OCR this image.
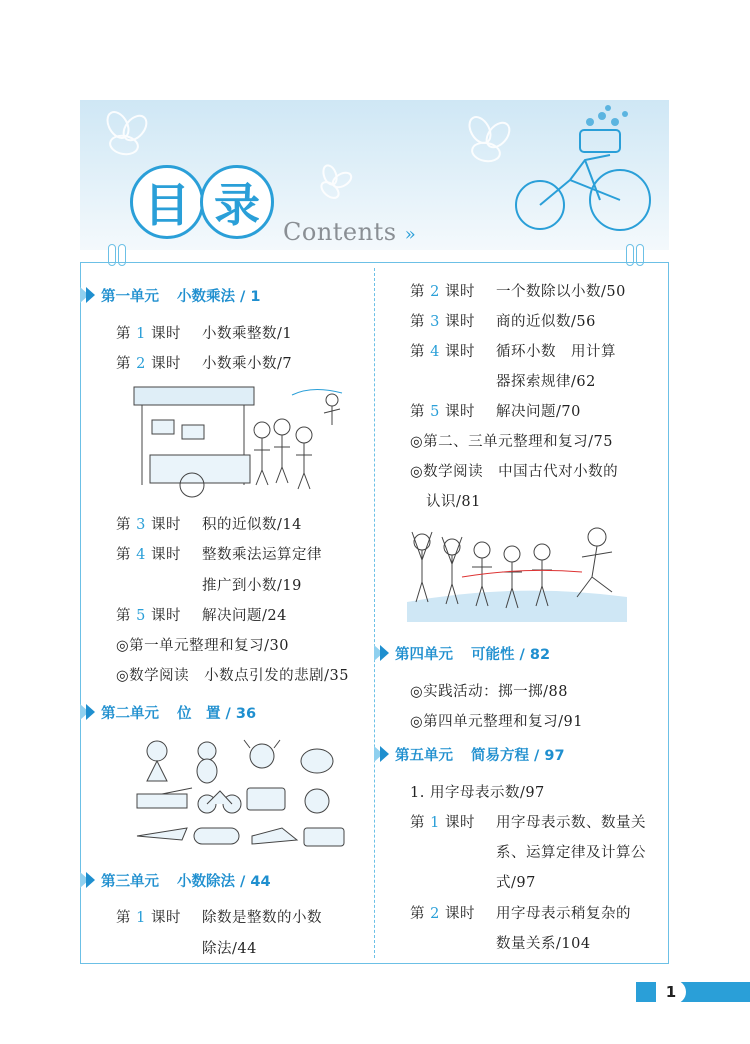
目 录 Contents »
第一单元 小数乘法 / 1
第 1 课时 小数乘整数/1
第 2 课时 小数乘小数/7
第 3 课时 积的近似数/14
第 4 课时 整数乘法运算定律
推广到小数/19
第 5 课时 解决问题/24
◎第一单元整理和复习/30
◎数学阅读　小数点引发的悲剧/35
第二单元 位　置 / 36
第三单元 小数除法 / 44
第 1 课时 除数是整数的小数
除法/44
第 2 课时 一个数除以小数/50
第 3 课时 商的近似数/56
第 4 课时 循环小数　用计算
器探索规律/62
第 5 课时 解决问题/70
◎第二、三单元整理和复习/75
◎数学阅读　中国古代对小数的
认识/81
第四单元 可能性 / 82
◎实践活动：掷一掷/88
◎第四单元整理和复习/91
第五单元 简易方程 / 97
1. 用字母表示数/97
第 1 课时 用字母表示数、数量关
系、运算定律及计算公
式/97
第 2 课时 用字母表示稍复杂的
数量关系/104
1
